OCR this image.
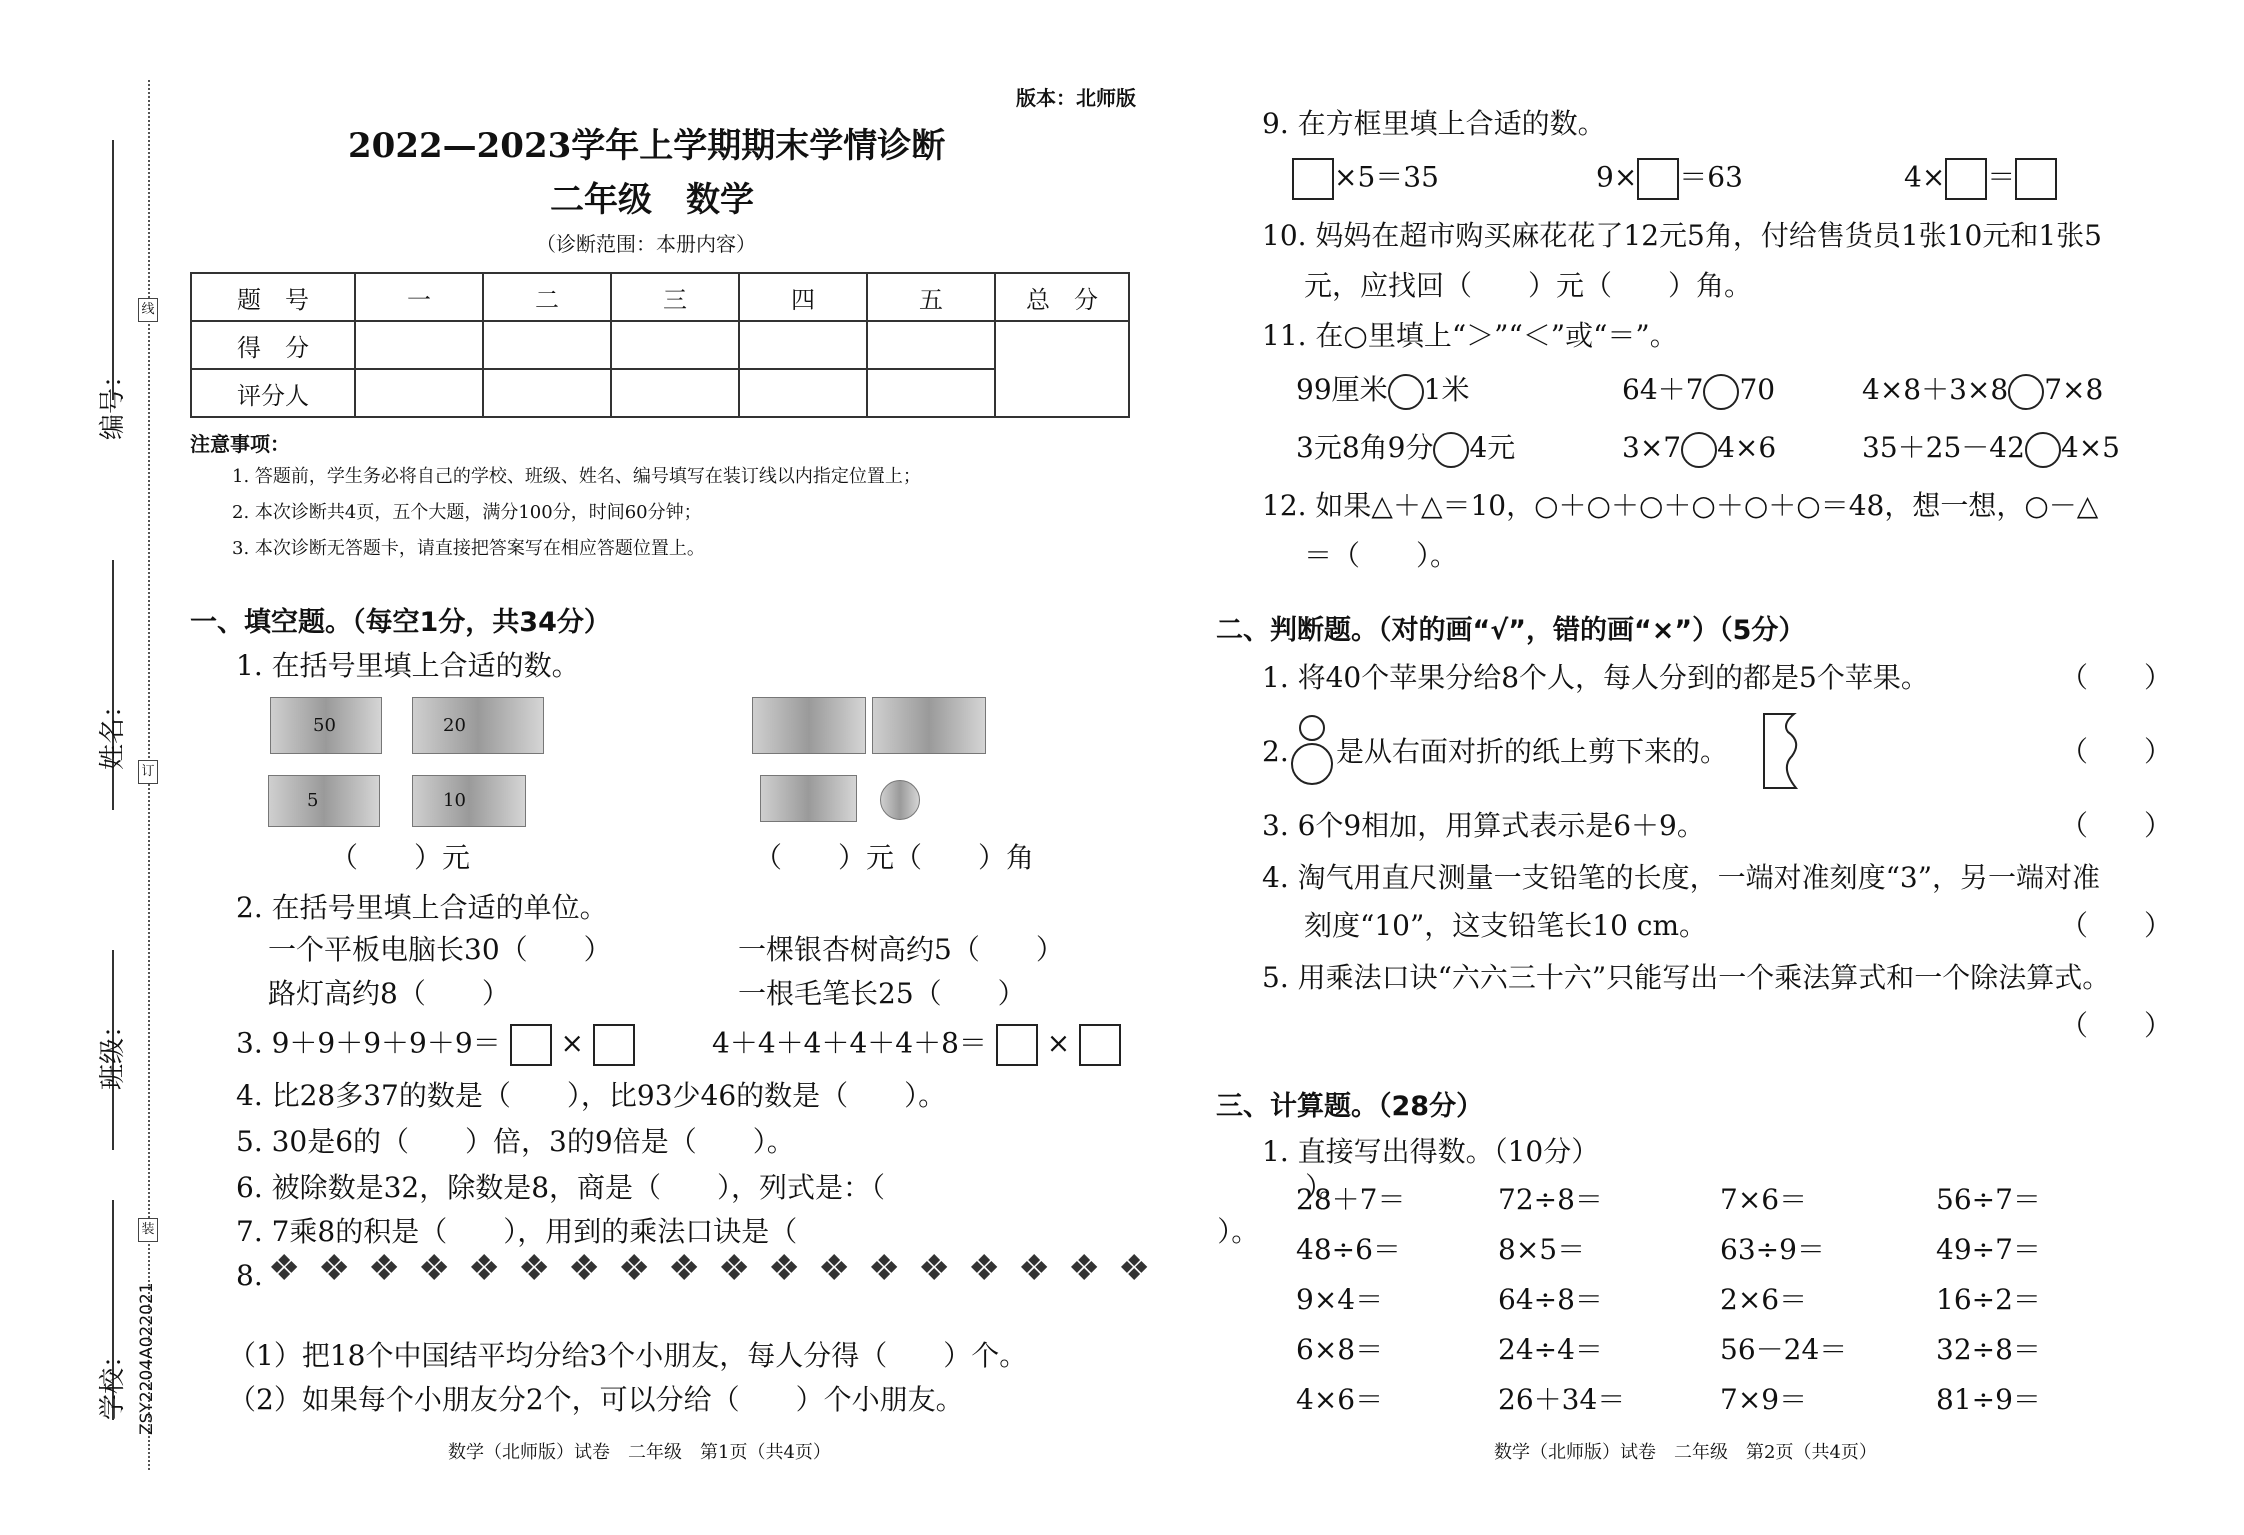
编号：
姓名：
班级：
学校：
线
订
装
ZSY2204A022021
版本：北师版
2022—2023学年上学期期末学情诊断
二年级　数学
（诊断范围：本册内容）
题　号	一	二	三	四	五	总　分
得　分						
评分人						
注意事项：
1. 答题前，学生务必将自己的学校、班级、姓名、编号填写在装订线以内指定位置上；
2. 本次诊断共4页，五个大题，满分100分，时间60分钟；
3. 本次诊断无答题卡，请直接把答案写在相应答题位置上。
一、填空题。（每空1分，共34分）
1. 在括号里填上合适的数。
50	20
5	10
（　　）元	（　　）元（　　）角
2. 在括号里填上合适的单位。
一个平板电脑长30（　　）	一棵银杏树高约5（　　）
路灯高约8（　　）	一根毛笔长25（　　）
3. 9＋9＋9＋9＋9＝ ×	4＋4＋4＋4＋4＋8＝ ×
4. 比28多37的数是（　　），比93少46的数是（　　）。
5. 30是6的（　　）倍，3的9倍是（　　）。
6. 被除数是32，除数是8，商是（　　），列式是：（　　　　　　　　　　　　　　　）。
7. 7乘8的积是（　　），用到的乘法口诀是（　　　　　　　　　　　　　　　）。
8. ❖ ❖ ❖ ❖ ❖ ❖ ❖ ❖ ❖ ❖ ❖ ❖ ❖ ❖ ❖ ❖ ❖ ❖
（1）把18个中国结平均分给3个小朋友，每人分得（　　）个。
（2）如果每个小朋友分2个，可以分给（　　）个小朋友。
数学（北师版）试卷　二年级　第1页（共4页）
9. 在方框里填上合适的数。
×5＝35	9× ＝63	4× ＝
10. 妈妈在超市购买麻花花了12元5角，付给售货员1张10元和1张5
元，应找回（　　）元（　　）角。
11. 在○里填上“＞”“＜”或“＝”。
99厘米 1米	64＋7 70	4×8＋3×8 7×8
3元8角9分 4元	3×7 4×6	35＋25－42 4×5
12. 如果△＋△＝10，○＋○＋○＋○＋○＋○＝48，想一想，○－△
＝（　　）。
二、判断题。（对的画“√”，错的画“×”）（5分）
1. 将40个苹果分给8个人，每人分到的都是5个苹果。	（　　）
2. 是从右面对折的纸上剪下来的。	（　　）
3. 6个9相加，用算式表示是6＋9。	（　　）
4. 淘气用直尺测量一支铅笔的长度，一端对准刻度“3”，另一端对准
刻度“10”，这支铅笔长10 cm。	（　　）
5. 用乘法口诀“六六三十六”只能写出一个乘法算式和一个除法算式。
（　　）
三、计算题。（28分）
1. 直接写出得数。（10分）
28＋7＝	72÷8＝	7×6＝	56÷7＝
48÷6＝	8×5＝	63÷9＝	49÷7＝
9×4＝	64÷8＝	2×6＝	16÷2＝
6×8＝	24÷4＝	56－24＝	32÷8＝
4×6＝	26＋34＝	7×9＝	81÷9＝
数学（北师版）试卷　二年级　第2页（共4页）
